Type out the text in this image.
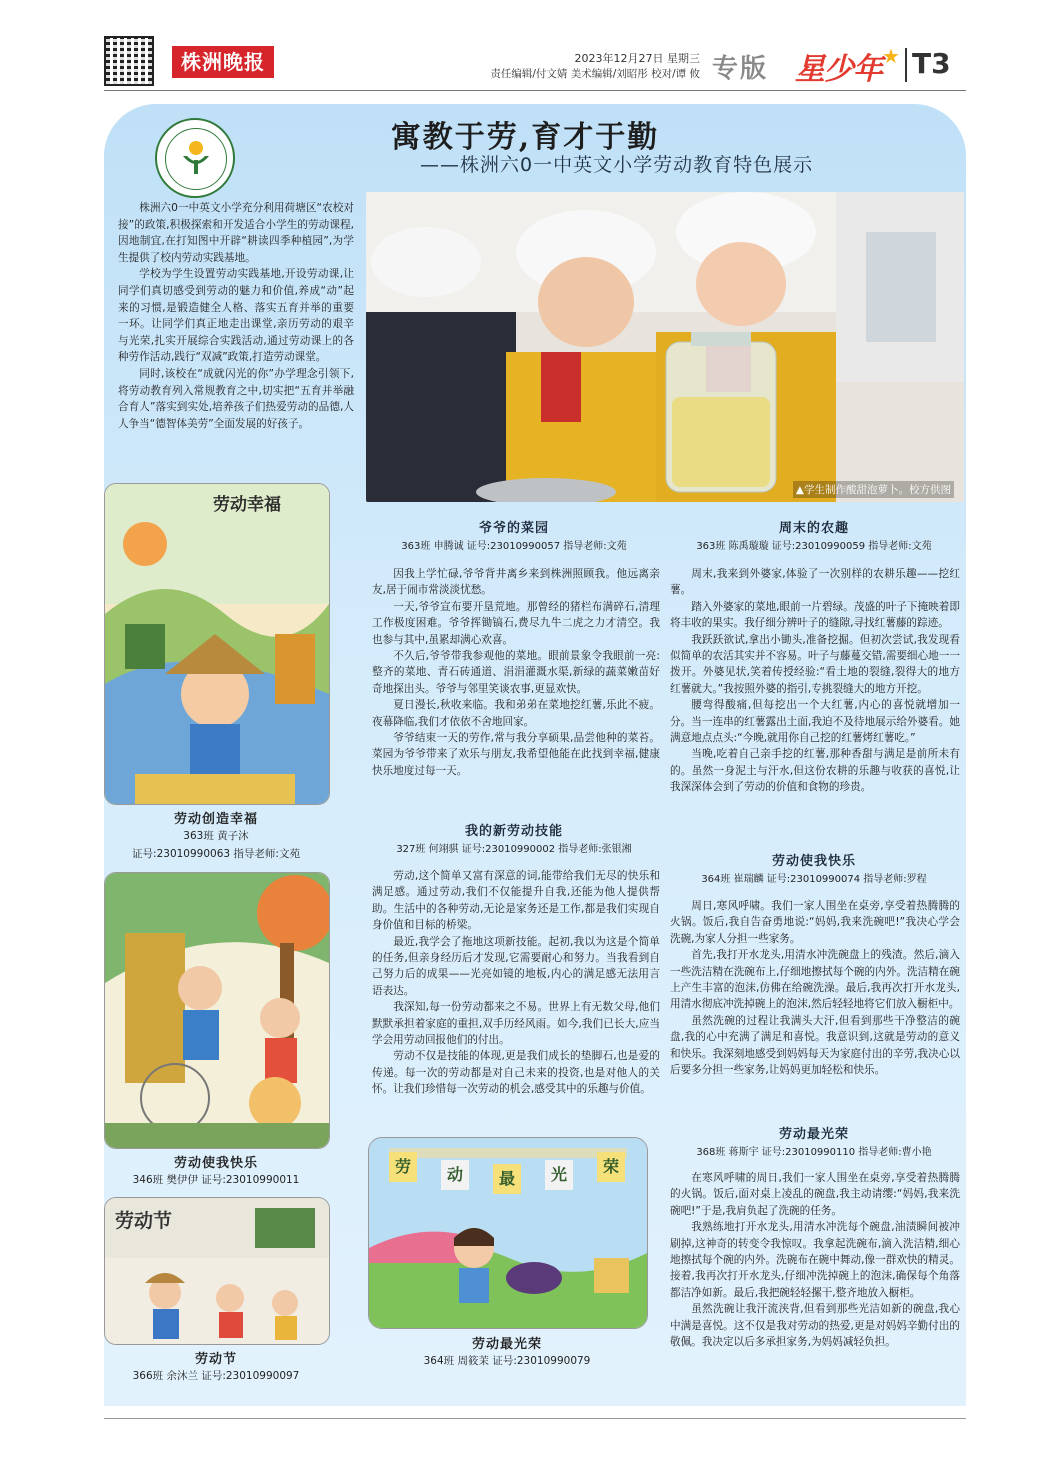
株洲晚报	2023年12月27日 星期三
责任编辑/付文婧 美术编辑/刘昭彤 校对/谭 攸 专版 星少年★ T3
寓教于劳,育才于勤
——株洲六0一中英文小学劳动教育特色展示

株洲六0一中英文小学充分利用荷塘区“农校对接”的政策,积极探索和开发适合小学生的劳动课程,因地制宜,在打知图中开辟“耕读四季种植园”,为学生提供了校内劳动实践基地。

学校为学生设置劳动实践基地,开设劳动课,让同学们真切感受到劳动的魅力和价值,养成“动”起来的习惯,是锻造健全人格、落实五育并举的重要一环。让同学们真正地走出课堂,亲历劳动的艰辛与光荣,扎实开展综合实践活动,通过劳动课上的各种劳作活动,践行“双减”政策,打造劳动课堂。

同时,该校在“成就闪光的你”办学理念引领下,将劳动教育列入常规教育之中,切实把“五育并举融合育人”落实到实处,培养孩子们热爱劳动的品德,人人争当“德智体美劳”全面发展的好孩子。

▲学生制作酸甜泡萝卜。校方供图
劳动幸福
劳动创造幸福
363班 黄子沐
证号:23010990063 指导老师:文苑
劳动使我快乐
346班 樊伊伊 证号:23010990011
劳动节
劳动节
366班 余沐兰 证号:23010990097
劳	动	最	光	荣
劳动最光荣
364班 周筱茉 证号:23010990079
爷爷的菜园
363班 申腾诚 证号:23010990057 指导老师:文苑

因我上学忙碌,爷爷背井离乡来到株洲照顾我。他远离亲友,居于闹市常淡淡忧愁。

一天,爷爷宣布要开垦荒地。那曾经的猪栏布满碎石,清理工作极度困难。爷爷挥锄镐石,费尽九牛二虎之力才清空。我也参与其中,虽累却满心欢喜。

不久后,爷爷带我参观他的菜地。眼前景象令我眼前一亮:整齐的菜地、青石砖通道、涓涓灌溉水渠,新绿的蔬菜嫩苗好奇地探出头。爷爷与邻里笑谈农事,更显欢快。

夏日漫长,秋收来临。我和弟弟在菜地挖红薯,乐此不疲。夜幕降临,我们才依依不舍地回家。

爷爷结束一天的劳作,常与我分享硕果,品尝他种的菜苔。菜园为爷爷带来了欢乐与朋友,我希望他能在此找到幸福,健康快乐地度过每一天。

周末的农趣
363班 陈禹璇璇 证号:23010990059 指导老师:文苑

周末,我来到外婆家,体验了一次别样的农耕乐趣——挖红薯。

踏入外婆家的菜地,眼前一片碧绿。茂盛的叶子下掩映着即将丰收的果实。我仔细分辨叶子的缝隙,寻找红薯藤的踪迹。

我跃跃欲试,拿出小锄头,准备挖掘。但初次尝试,我发现看似简单的农活其实并不容易。叶子与藤蔓交错,需要细心地一一拨开。外婆见状,笑着传授经验:“看土地的裂缝,裂得大的地方红薯就大。”我按照外婆的指引,专挑裂缝大的地方开挖。

腰弯得酸痛,但每挖出一个大红薯,内心的喜悦就增加一分。当一连串的红薯露出土面,我迫不及待地展示给外婆看。她满意地点点头:“今晚,就用你自己挖的红薯烤红薯吃。”

当晚,吃着自己亲手挖的红薯,那种香甜与满足是前所未有的。虽然一身泥土与汗水,但这份农耕的乐趣与收获的喜悦,让我深深体会到了劳动的价值和食物的珍贵。

我的新劳动技能
327班 何翊骐 证号:23010990002 指导老师:张银湘

劳动,这个简单又富有深意的词,能带给我们无尽的快乐和满足感。通过劳动,我们不仅能提升自我,还能为他人提供帮助。生活中的各种劳动,无论是家务还是工作,都是我们实现自身价值和目标的桥梁。

最近,我学会了拖地这项新技能。起初,我以为这是个简单的任务,但亲身经历后才发现,它需要耐心和努力。当我看到自己努力后的成果——光亮如镜的地板,内心的满足感无法用言语表达。

我深知,每一份劳动都来之不易。世界上有无数父母,他们默默承担着家庭的重担,双手历经风雨。如今,我们已长大,应当学会用劳动回报他们的付出。

劳动不仅是技能的体现,更是我们成长的垫脚石,也是爱的传递。每一次的劳动都是对自己未来的投资,也是对他人的关怀。让我们珍惜每一次劳动的机会,感受其中的乐趣与价值。

劳动使我快乐
364班 崔瑞麟 证号:23010990074 指导老师:罗程

周日,寒风呼啸。我们一家人围坐在桌旁,享受着热腾腾的火锅。饭后,我自告奋勇地说:“妈妈,我来洗碗吧!”我决心学会洗碗,为家人分担一些家务。

首先,我打开水龙头,用清水冲洗碗盘上的残渣。然后,滴入一些洗洁精在洗碗布上,仔细地擦拭每个碗的内外。洗洁精在碗上产生丰富的泡沫,仿佛在给碗洗澡。最后,我再次打开水龙头,用清水彻底冲洗掉碗上的泡沫,然后轻轻地将它们放入橱柜中。

虽然洗碗的过程让我满头大汗,但看到那些干净整洁的碗盘,我的心中充满了满足和喜悦。我意识到,这就是劳动的意义和快乐。我深刻地感受到妈妈每天为家庭付出的辛劳,我决心以后要多分担一些家务,让妈妈更加轻松和快乐。

劳动最光荣
368班 蒋斯宇 证号:23010990110 指导老师:曹小艳

在寒风呼啸的周日,我们一家人围坐在桌旁,享受着热腾腾的火锅。饭后,面对桌上凌乱的碗盘,我主动请缨:“妈妈,我来洗碗吧!”于是,我肩负起了洗碗的任务。

我熟练地打开水龙头,用清水冲洗每个碗盘,油渍瞬间被冲刷掉,这神奇的转变令我惊叹。我拿起洗碗布,滴入洗洁精,细心地擦拭每个碗的内外。洗碗布在碗中舞动,像一群欢快的精灵。接着,我再次打开水龙头,仔细冲洗掉碗上的泡沫,确保每个角落都洁净如新。最后,我把碗轻轻摞干,整齐地放入橱柜。

虽然洗碗让我汗流浃背,但看到那些光洁如新的碗盘,我心中满是喜悦。这不仅是我对劳动的热爱,更是对妈妈辛勤付出的敬佩。我决定以后多承担家务,为妈妈减轻负担。
